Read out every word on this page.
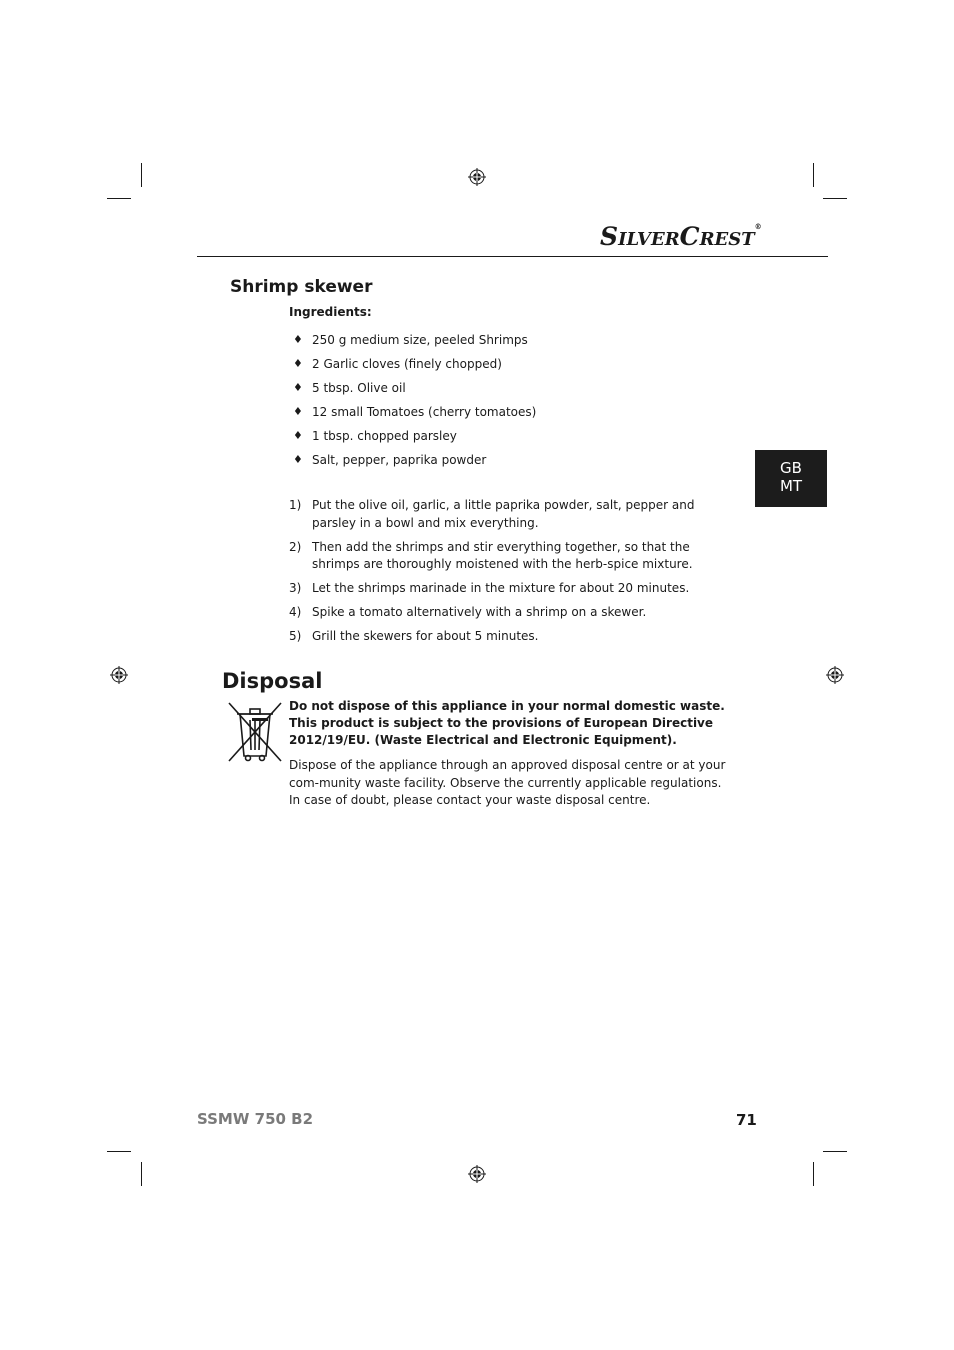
SILVERCREST®
Shrimp skewer
Ingredients:
♦ 250 g medium size, peeled Shrimps
♦ 2 Garlic cloves (finely chopped)
♦ 5 tbsp. Olive oil
♦ 12 small Tomatoes (cherry tomatoes)
♦ 1 tbsp. chopped parsley
♦ Salt, pepper, paprika powder
1) Put the olive oil, garlic, a little paprika powder, salt, pepper and parsley in a bowl and mix everything.
2) Then add the shrimps and stir everything together, so that the shrimps are thoroughly moistened with the herb-spice mixture.
3) Let the shrimps marinade in the mixture for about 20 minutes.
4) Spike a tomato alternatively with a shrimp on a skewer.
5) Grill the skewers for about 5 minutes.
Disposal
Do not dispose of this appliance in your normal domestic waste. This product is subject to the provisions of European Directive 2012/19/EU. (Waste Electrical and Electronic Equipment).
Dispose of the appliance through an approved disposal centre or at your com-munity waste facility. Observe the currently applicable regulations. In case of doubt, please contact your waste disposal centre.
GB
MT
SSMW 750 B2	71
